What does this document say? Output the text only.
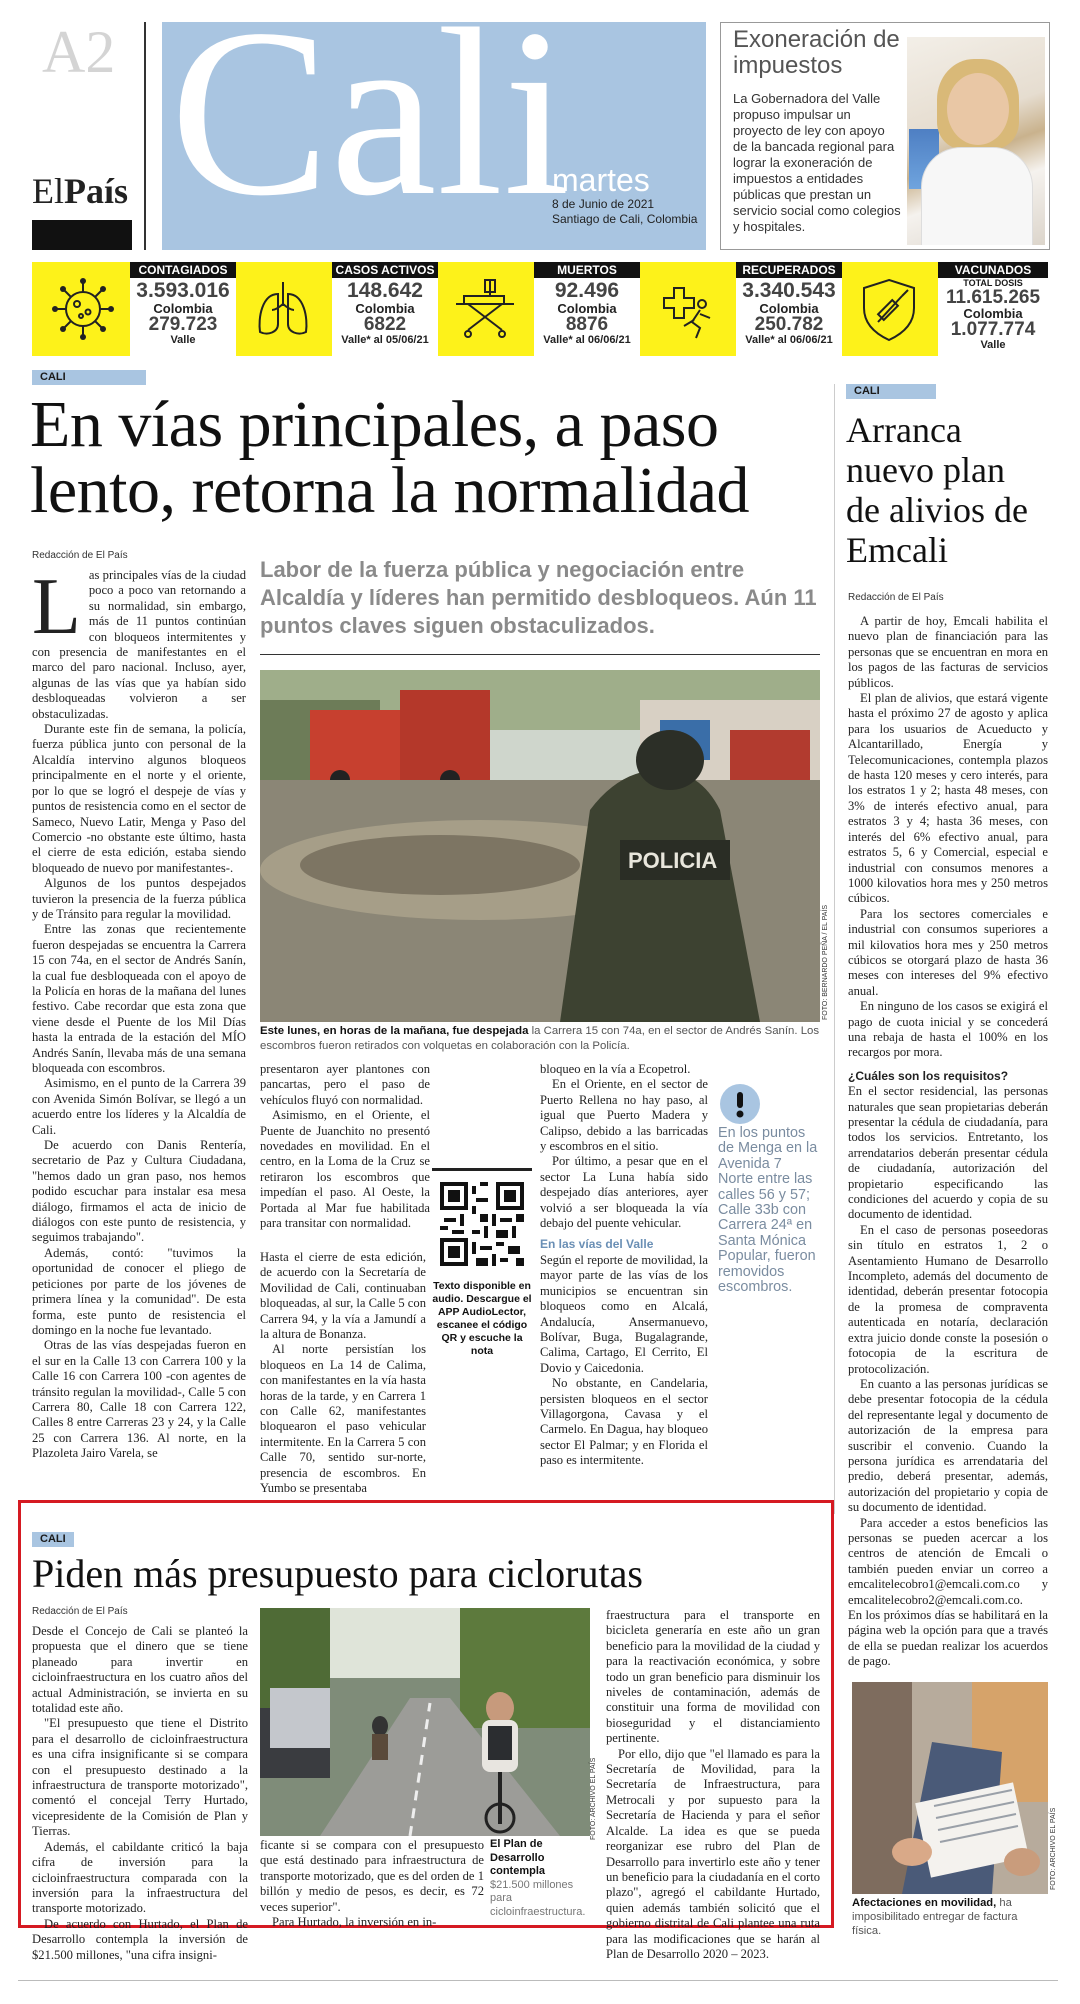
A2
ElPaís Cali
martes
8 de Junio de 2021
Santiago de Cali, Colombia
Exoneración de impuestos
La Gobernadora del Valle propuso impulsar un proyecto de ley con apoyo de la bancada regional para lograr la exoneración de impuestos a entidades públicas que prestan un servicio social como colegios y hospitales.
CONTAGIADOS
3.593.016
Colombia
279.723
Valle
CASOS ACTIVOS
148.642
Colombia
6822
Valle* al 05/06/21
MUERTOS
92.496
Colombia
8876
Valle* al 06/06/21
RECUPERADOS
3.340.543
Colombia
250.782
Valle* al 06/06/21
VACUNADOS
TOTAL DOSIS
11.615.265
Colombia
1.077.774
Valle
CALI
En vías principales, a paso lento, retorna la normalidad
Redacción de El País

Las principales vías de la ciudad poco a poco van retornando a su normalidad, sin embargo, más de 11 puntos continúan con bloqueos intermitentes y con presencia de manifestantes en el marco del paro nacional. Incluso, ayer, algunas de las vías que ya habían sido desbloqueadas volvieron a ser obstaculizadas.

Durante este fin de semana, la policía, fuerza pública junto con personal de la Alcaldía intervino algunos bloqueos principalmente en el norte y el oriente, por lo que se logró el despeje de vías y puntos de resistencia como en el sector de Sameco, Nuevo Latir, Menga y Paso del Comercio -no obstante este último, hasta el cierre de esta edición, estaba siendo bloqueado de nuevo por manifestantes-.

Algunos de los puntos despejados tuvieron la presencia de la fuerza pública y de Tránsito para regular la movilidad.

Entre las zonas que recientemente fueron despejadas se encuentra la Carrera 15 con 74a, en el sector de Andrés Sanín, la cual fue desbloqueada con el apoyo de la Policía en horas de la mañana del lunes festivo. Cabe recordar que esta zona que viene desde el Puente de los Mil Días hasta la entrada de la estación del MÍO Andrés Sanín, llevaba más de una semana bloqueada con escombros.

Asimismo, en el punto de la Carrera 39 con Avenida Simón Bolívar, se llegó a un acuerdo entre los líderes y la Alcaldía de Cali.

De acuerdo con Danis Rentería, secretario de Paz y Cultura Ciudadana, "hemos dado un gran paso, nos hemos podido escuchar para instalar esa mesa diálogo, firmamos el acta de inicio de diálogos con este punto de resistencia, y seguimos trabajando".

Además, contó: "tuvimos la oportunidad de conocer el pliego de peticiones por parte de los jóvenes de primera línea y la comunidad". De esta forma, este punto de resistencia el domingo en la noche fue levantado.

Otras de las vías despejadas fueron en el sur en la Calle 13 con Carrera 100 y la Calle 16 con Carrera 100 -con agentes de tránsito regulan la movilidad-, Calle 5 con Carrera 80, Calle 18 con Carrera 122, Calles 8 entre Carreras 23 y 24, y la Calle 25 con Carrera 136. Al norte, en la Plazoleta Jairo Varela, se

Labor de la fuerza pública y negociación entre Alcaldía y líderes han permitido desbloqueos. Aún 11 puntos claves siguen obstaculizados.
POLICIA
FOTO: BERNARDO PEÑA / EL PAÍS
Este lunes, en horas de la mañana, fue despejada la Carrera 15 con 74a, en el sector de Andrés Sanín. Los escombros fueron retirados con volquetas en colaboración con la Policía.

presentaron ayer plantones con pancartas, pero el paso de vehículos fluyó con normalidad.

Asimismo, en el Oriente, el Puente de Juanchito no presentó novedades en movilidad. En el centro, en la Loma de la Cruz se retiraron los escombros que impedían el paso. Al Oeste, la Portada al Mar fue habilitada para transitar con normalidad.

Hasta el cierre de esta edición, de acuerdo con la Secretaría de Movilidad de Cali, continuaban bloqueadas, al sur, la Calle 5 con Carrera 94, y la vía a Jamundí a la altura de Bonanza.

Al norte persistían los bloqueos en La 14 de Calima, con manifestantes en la vía hasta horas de la tarde, y en Carrera 1 con Calle 62, manifestantes bloquearon el paso vehicular intermitente. En la Carrera 5 con Calle 70, sentido sur-norte, presencia de escombros. En Yumbo se presentaba

Texto disponible en audio. Descargue el APP AudioLector, escanee el código QR y escuche la nota

bloqueo en la vía a Ecopetrol.

En el Oriente, en el sector de Puerto Rellena no hay paso, al igual que Puerto Madera y Calipso, debido a las barricadas y escombros en el sitio.

Por último, a pesar que en el sector La Luna había sido despejado días anteriores, ayer volvió a ser bloqueada la vía debajo del puente vehicular.

En las vías del Valle

Según el reporte de movilidad, la mayor parte de las vías de los municipios se encuentran sin bloqueos como en Alcalá, Andalucía, Ansermanuevo, Bolívar, Buga, Bugalagrande, Calima, Cartago, El Cerrito, El Dovio y Caicedonia.

No obstante, en Candelaria, persisten bloqueos en el sector Villagorgona, Cavasa y el Carmelo. En Dagua, hay bloqueo sector El Palmar; y en Florida el paso es intermitente.

En los puntos de Menga en la Avenida 7 Norte entre las calles 56 y 57; Calle 33b con Carrera 24ª en Santa Mónica Popular, fueron removidos escombros.
CALI
Arranca nuevo plan de alivios de Emcali
Redacción de El País

A partir de hoy, Emcali habilita el nuevo plan de financiación para las personas que se encuentran en mora en los pagos de las facturas de servicios públicos.

El plan de alivios, que estará vigente hasta el próximo 27 de agosto y aplica para los usuarios de Acueducto y Alcantarillado, Energía y Telecomunicaciones, contempla plazos de hasta 120 meses y cero interés, para los estratos 1 y 2; hasta 48 meses, con 3% de interés efectivo anual, para estratos 3 y 4; hasta 36 meses, con interés del 6% efectivo anual, para estratos 5, 6 y Comercial, especial e industrial con consumos menores a 1000 kilovatios hora mes y 250 metros cúbicos.

Para los sectores comerciales e industrial con consumos superiores a mil kilovatios hora mes y 250 metros cúbicos se otorgará plazo de hasta 36 meses con intereses del 9% efectivo anual.

En ninguno de los casos se exigirá el pago de cuota inicial y se concederá una rebaja de hasta el 100% en los recargos por mora.

¿Cuáles son los requisitos?

En el sector residencial, las personas naturales que sean propietarias deberán presentar la cédula de ciudadanía, para todos los servicios. Entretanto, los arrendatarios deberán presentar cédula de ciudadanía, autorización del propietario especificando las condiciones del acuerdo y copia de su documento de identidad.

En el caso de personas poseedoras sin título en estratos 1, 2 o Asentamiento Humano de Desarrollo Incompleto, además del documento de identidad, deberán presentar fotocopia de la promesa de compraventa autenticada en notaría, declaración extra juicio donde conste la posesión o fotocopia de la escritura de protocolización.

En cuanto a las personas jurídicas se debe presentar fotocopia de la cédula del representante legal y documento de autorización de la empresa para suscribir el convenio. Cuando la persona jurídica es arrendataria del predio, deberá presentar, además, autorización del propietario y copia de su documento de identidad.

Para acceder a estos beneficios las personas se pueden acercar a los centros de atención de Emcali o también pueden enviar un correo a emcalitelecobro1@emcali.com.co y emcalitelecobro2@emcali.com.co.

En los próximos días se habilitará en la página web la opción para que a través de ella se puedan realizar los acuerdos de pago.

FOTO: ARCHIVO EL PAÍS
Afectaciones en movilidad, ha imposibilitado entregar de factura física.
CALI
Piden más presupuesto para ciclorutas
Redacción de El País

Desde el Concejo de Cali se planteó la propuesta que el dinero que se tiene planeado para invertir en cicloinfraestructura en los cuatro años del actual Administración, se invierta en su totalidad este año.

"El presupuesto que tiene el Distrito para el desarrollo de cicloinfraestructura es una cifra insignificante si se compara con el presupuesto destinado a la infraestructura de transporte motorizado", comentó el concejal Terry Hurtado, vicepresidente de la Comisión de Plan y Tierras.

Además, el cabildante criticó la baja cifra de inversión para la cicloinfraestructura comparada con la inversión para la infraestructura del transporte motorizado.

De acuerdo con Hurtado, el Plan de Desarrollo contempla la inversión de $21.500 millones, "una cifra insigni-

FOTO: ARCHIVO EL PAÍS
El Plan de Desarrollo contempla $21.500 millones para cicloinfraestructura.

ficante si se compara con el presupuesto que está destinado para infraestructura de transporte motorizado, que es del orden de 1 billón y medio de pesos, es decir, es 72 veces superior".

Para Hurtado, la inversión en in-

fraestructura para el transporte en bicicleta generaría en este año un gran beneficio para la movilidad de la ciudad y para la reactivación económica, y sobre todo un gran beneficio para disminuir los niveles de contaminación, además de constituir una forma de movilidad con bioseguridad y el distanciamiento pertinente.

Por ello, dijo que "el llamado es para la Secretaría de Movilidad, para la Secretaría de Infraestructura, para Metrocali y por supuesto para la Secretaría de Hacienda y para el señor Alcalde. La idea es que se pueda reorganizar ese rubro del Plan de Desarrollo para invertirlo este año y tener un beneficio para la ciudadanía en el corto plazo", agregó el cabildante Hurtado, quien además también solicitó que el gobierno distrital de Cali plantee una ruta para las modificaciones que se harán al Plan de Desarrollo 2020 – 2023.
